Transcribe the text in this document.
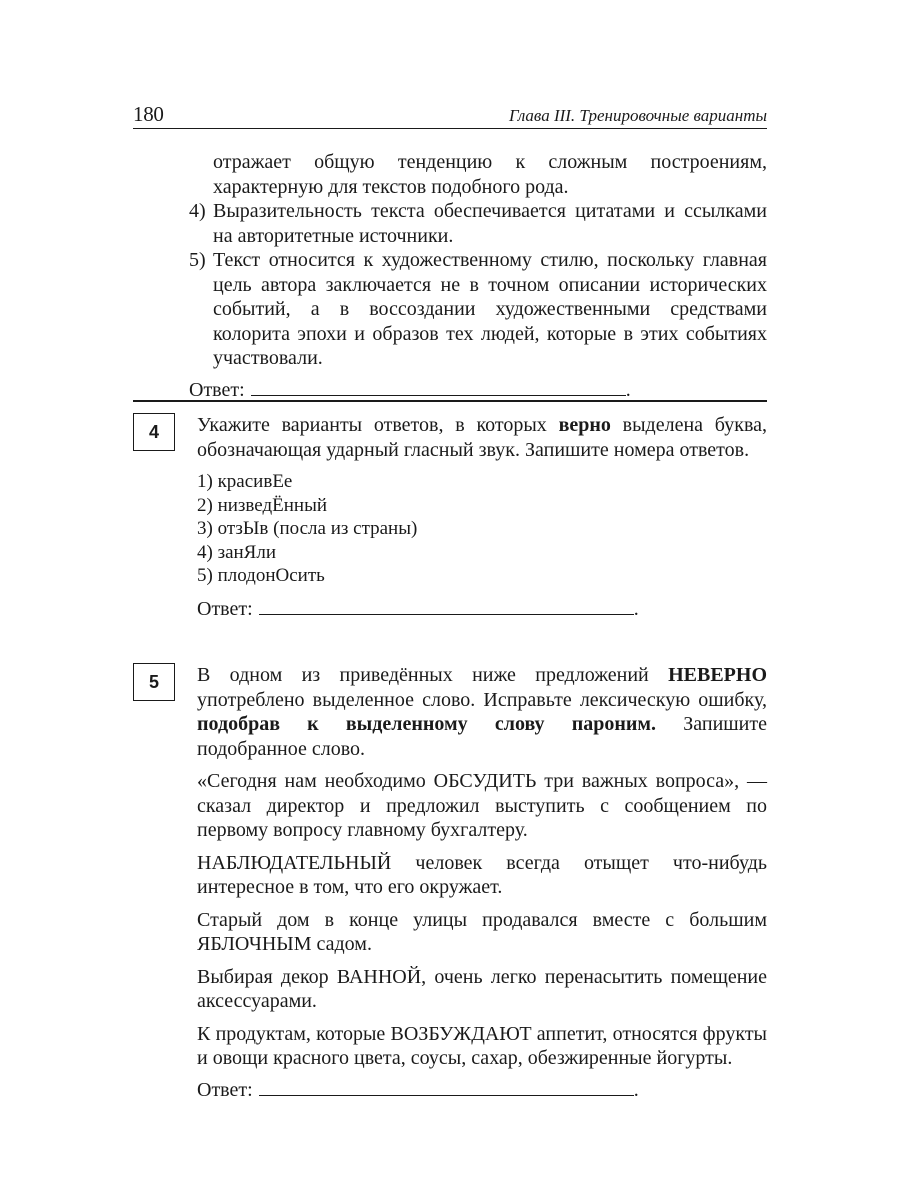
180	Глава III. Тренировочные варианты

отражает общую тенденцию к сложным построениям, характерную для текстов подобного рода.

4) Выразительность текста обеспечивается цитатами и ссылками на авторитетные источники.
5) Текст относится к художественному стилю, поскольку главная цель автора заключается не в точном описании исторических событий, а в воссоздании художественными средствами колорита эпохи и образов тех людей, которые в этих событиях участвовали.
Ответ:	.
4 Укажите варианты ответов, в которых верно выделена буква, обозначающая ударный гласный звук. Запишите номера ответов.

1) красивЕе
2) низведЁнный
3) отзЫв (посла из страны)
4) занЯли
5) плодонОсить
Ответ:	.
5 В одном из приведённых ниже предложений НЕВЕРНО употреблено выделенное слово. Исправьте лексическую ошибку, подобрав к выделенному слову пароним. Запишите подобранное слово.

«Сегодня нам необходимо ОБСУДИТЬ три важных вопроса», — сказал директор и предложил выступить с сообщением по первому вопросу главному бухгалтеру.

НАБЛЮДАТЕЛЬНЫЙ человек всегда отыщет что-нибудь интересное в том, что его окружает.

Старый дом в конце улицы продавался вместе с большим ЯБЛОЧНЫМ садом.

Выбирая декор ВАННОЙ, очень легко перенасытить помещение аксессуарами.

К продуктам, которые ВОЗБУЖДАЮТ аппетит, относятся фрукты и овощи красного цвета, соусы, сахар, обезжиренные йогурты.

Ответ:	.
